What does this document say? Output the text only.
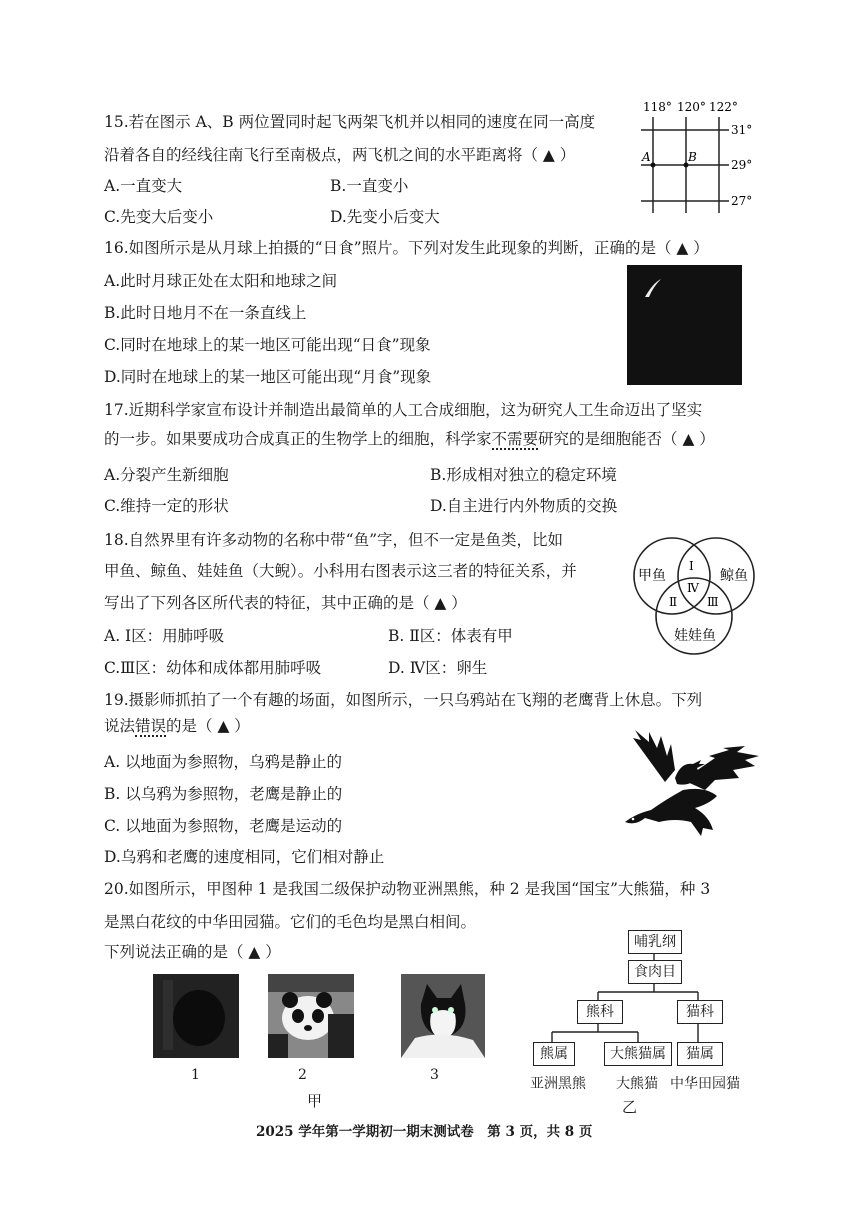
15.若在图示 A、B 两位置同时起飞两架飞机并以相同的速度在同一高度
沿着各自的经线往南飞行至南极点，两飞机之间的水平距离将（ ▲ ）
A.一直变大	B.一直变小
C.先变大后变小	D.先变小后变大
118° 120° 122°
31°
29°
27°
A	B
16.如图所示是从月球上拍摄的“日食”照片。下列对发生此现象的判断，正确的是（ ▲ ）
A.此时月球正处在太阳和地球之间
B.此时日地月不在一条直线上
C.同时在地球上的某一地区可能出现“日食”现象
D.同时在地球上的某一地区可能出现“月食”现象
17.近期科学家宣布设计并制造出最简单的人工合成细胞，这为研究人工生命迈出了坚实
的一步。如果要成功合成真正的生物学上的细胞，科学家不需要研究的是细胞能否（ ▲ ）
A.分裂产生新细胞	B.形成相对独立的稳定环境
C.维持一定的形状	D.自主进行内外物质的交换
18.自然界里有许多动物的名称中带“鱼”字，但不一定是鱼类，比如
甲鱼、鲸鱼、娃娃鱼（大鲵）。小科用右图表示这三者的特征关系，并
写出了下列各区所代表的特征，其中正确的是（ ▲ ）
A. Ⅰ区：用肺呼吸	B. Ⅱ区：体表有甲
C.Ⅲ区：幼体和成体都用肺呼吸	D. Ⅳ区：卵生
甲鱼	鲸鱼
娃娃鱼
Ⅰ
Ⅱ Ⅲ
Ⅳ
19.摄影师抓拍了一个有趣的场面，如图所示，一只乌鸦站在飞翔的老鹰背上休息。下列
说法错误的是（ ▲ ）
A. 以地面为参照物，乌鸦是静止的
B. 以乌鸦为参照物，老鹰是静止的
C. 以地面为参照物，老鹰是运动的
D.乌鸦和老鹰的速度相同，它们相对静止
20.如图所示，甲图种 1 是我国二级保护动物亚洲黑熊，种 2 是我国“国宝”大熊猫，种 3
是黑白花纹的中华田园猫。它们的毛色均是黑白相间。
下列说法正确的是（ ▲ ）
1	2	3
甲
哺乳纲
食肉目
熊科	猫科
熊属	大熊猫属	猫属
亚洲黑熊 大熊猫 中华田园猫
乙
2025 学年第一学期初一期末测试卷　第 3 页，共 8 页
